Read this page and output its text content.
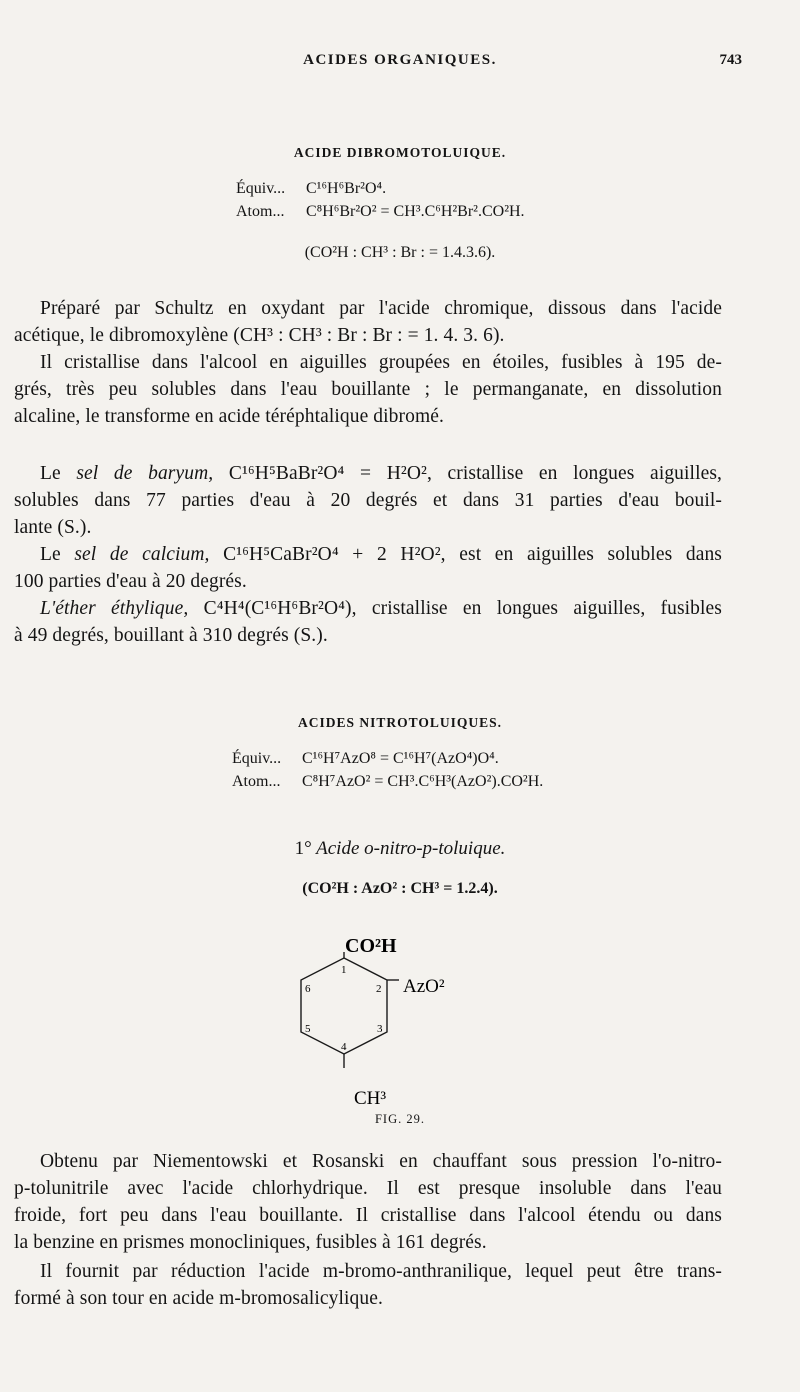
ACIDES ORGANIQUES.	743
ACIDE DIBROMOTOLUIQUE.
Équiv... C¹⁶H⁶Br²O⁴.
Atom... C⁸H⁶Br²O² = CH³.C⁶H²Br².CO²H.
(CO²H : CH³ : Br : = 1.4.3.6).
Préparé par Schultz en oxydant par l'acide chromique, dissous dans l'acide
acétique, le dibromoxylène (CH³ : CH³ : Br : Br : = 1. 4. 3. 6).
Il cristallise dans l'alcool en aiguilles groupées en étoiles, fusibles à 195 de-
grés, très peu solubles dans l'eau bouillante ; le permanganate, en dissolution
alcaline, le transforme en acide téréphtalique dibromé.
Le sel de baryum, C¹⁶H⁵BaBr²O⁴ = H²O², cristallise en longues aiguilles,
solubles dans 77 parties d'eau à 20 degrés et dans 31 parties d'eau bouil-
lante (S.).
Le sel de calcium, C¹⁶H⁵CaBr²O⁴ + 2 H²O², est en aiguilles solubles dans
100 parties d'eau à 20 degrés.
L'éther éthylique, C⁴H⁴(C¹⁶H⁶Br²O⁴), cristallise en longues aiguilles, fusibles
à 49 degrés, bouillant à 310 degrés (S.).
ACIDES NITROTOLUIQUES.
Équiv... C¹⁶H⁷AzO⁸ = C¹⁶H⁷(AzO⁴)O⁴.
Atom... C⁸H⁷AzO² = CH³.C⁶H³(AzO²).CO²H.
1° Acide o-nitro-p-toluique.
(CO²H : AzO² : CH³ = 1.2.4).
CO²H
AzO²
CH³
1
2
3
4
5
6
FIG. 29.
Obtenu par Niementowski et Rosanski en chauffant sous pression l'o-nitro-
p-tolunitrile avec l'acide chlorhydrique. Il est presque insoluble dans l'eau
froide, fort peu dans l'eau bouillante. Il cristallise dans l'alcool étendu ou dans
la benzine en prismes monocliniques, fusibles à 161 degrés.
Il fournit par réduction l'acide m-bromo-anthranilique, lequel peut être trans-
formé à son tour en acide m-bromosalicylique.
